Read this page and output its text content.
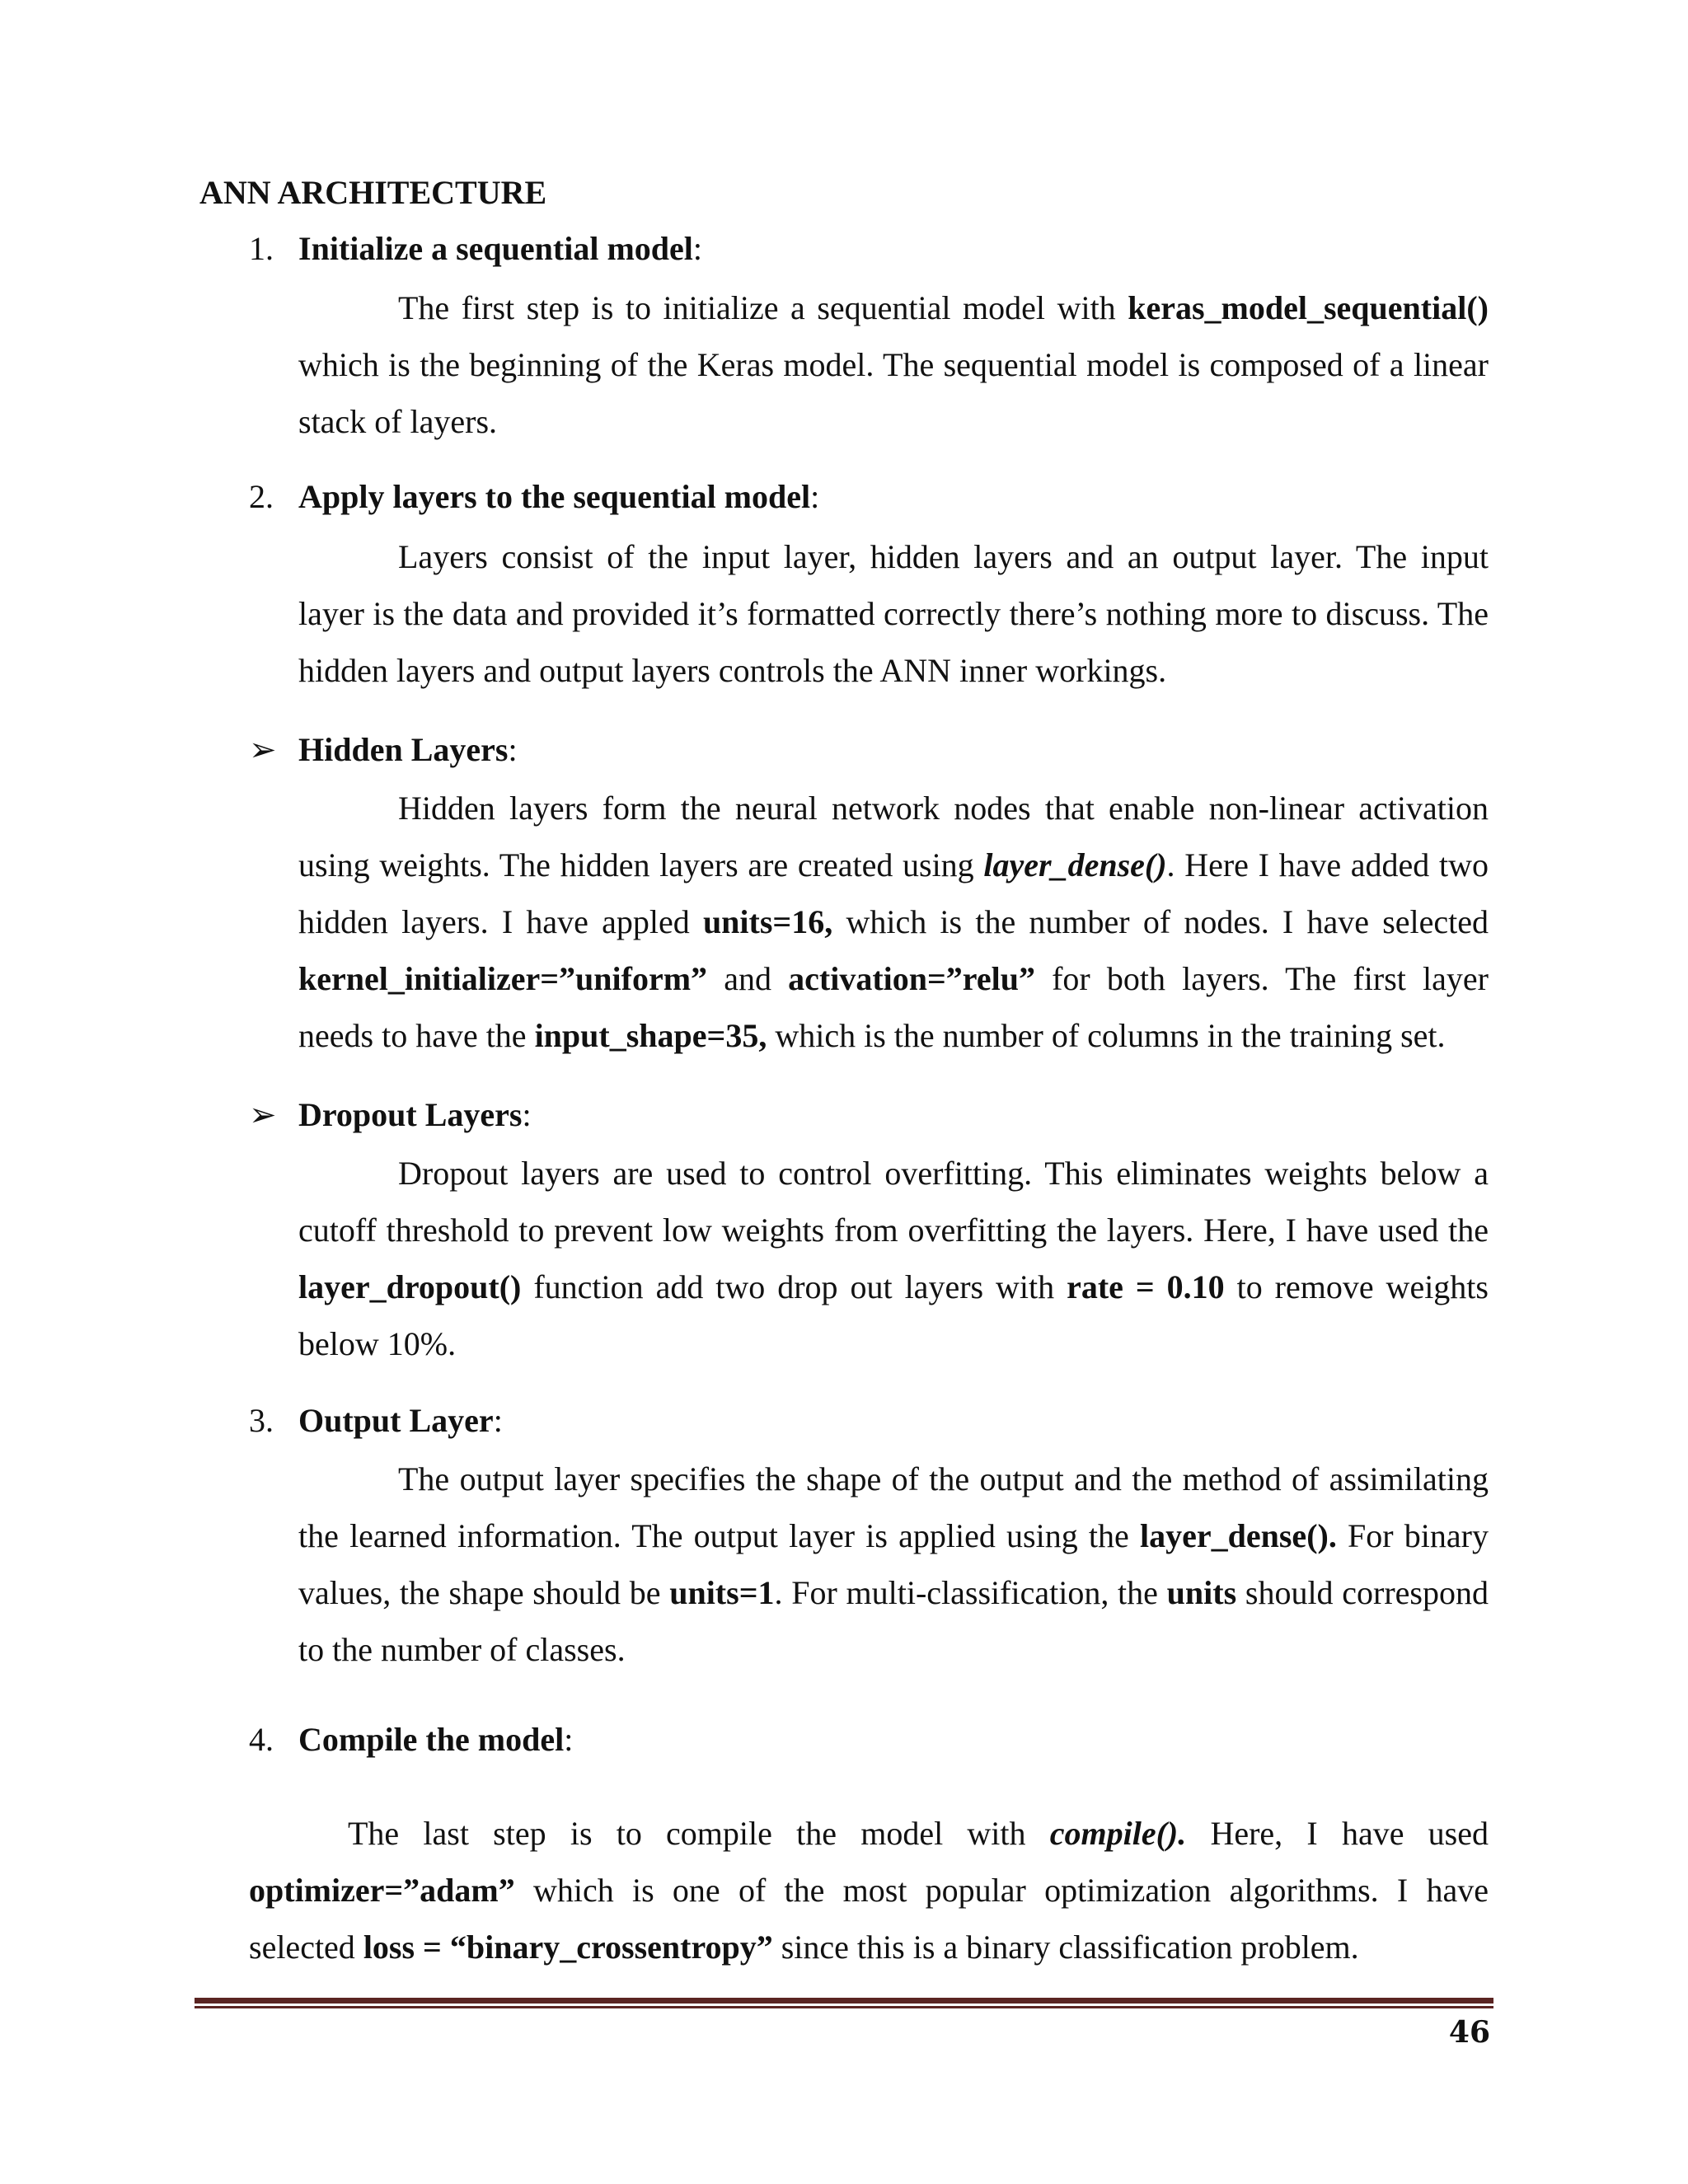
ANN ARCHITECTURE
1. Initialize a sequential model:

The first step is to initialize a sequential model with keras_model_sequential() which is the beginning of the Keras model. The sequential model is composed of a linear stack of layers.

2. Apply layers to the sequential model:

Layers consist of the input layer, hidden layers and an output layer. The input layer is the data and provided it’s formatted correctly there’s nothing more to discuss. The hidden layers and output layers controls the ANN inner workings.

➢ Hidden Layers:

Hidden layers form the neural network nodes that enable non-linear activation using weights. The hidden layers are created using layer_dense(). Here I have added two hidden layers. I have appled units=16, which is the number of nodes. I have selected kernel_initializer=”uniform” and activation=”relu” for both layers. The first layer needs to have the input_shape=35, which is the number of columns in the training set.

➢ Dropout Layers:

Dropout layers are used to control overfitting. This eliminates weights below a cutoff threshold to prevent low weights from overfitting the layers. Here, I have used the layer_dropout() function add two drop out layers with rate = 0.10 to remove weights below 10%.

3. Output Layer:

The output layer specifies the shape of the output and the method of assimilating the learned information. The output layer is applied using the layer_dense(). For binary values, the shape should be units=1. For multi-classification, the units should correspond to the number of classes.

4. Compile the model:

The last step is to compile the model with compile(). Here, I have used optimizer=”adam” which is one of the most popular optimization algorithms. I have selected loss = “binary_crossentropy” since this is a binary classification problem.

46
